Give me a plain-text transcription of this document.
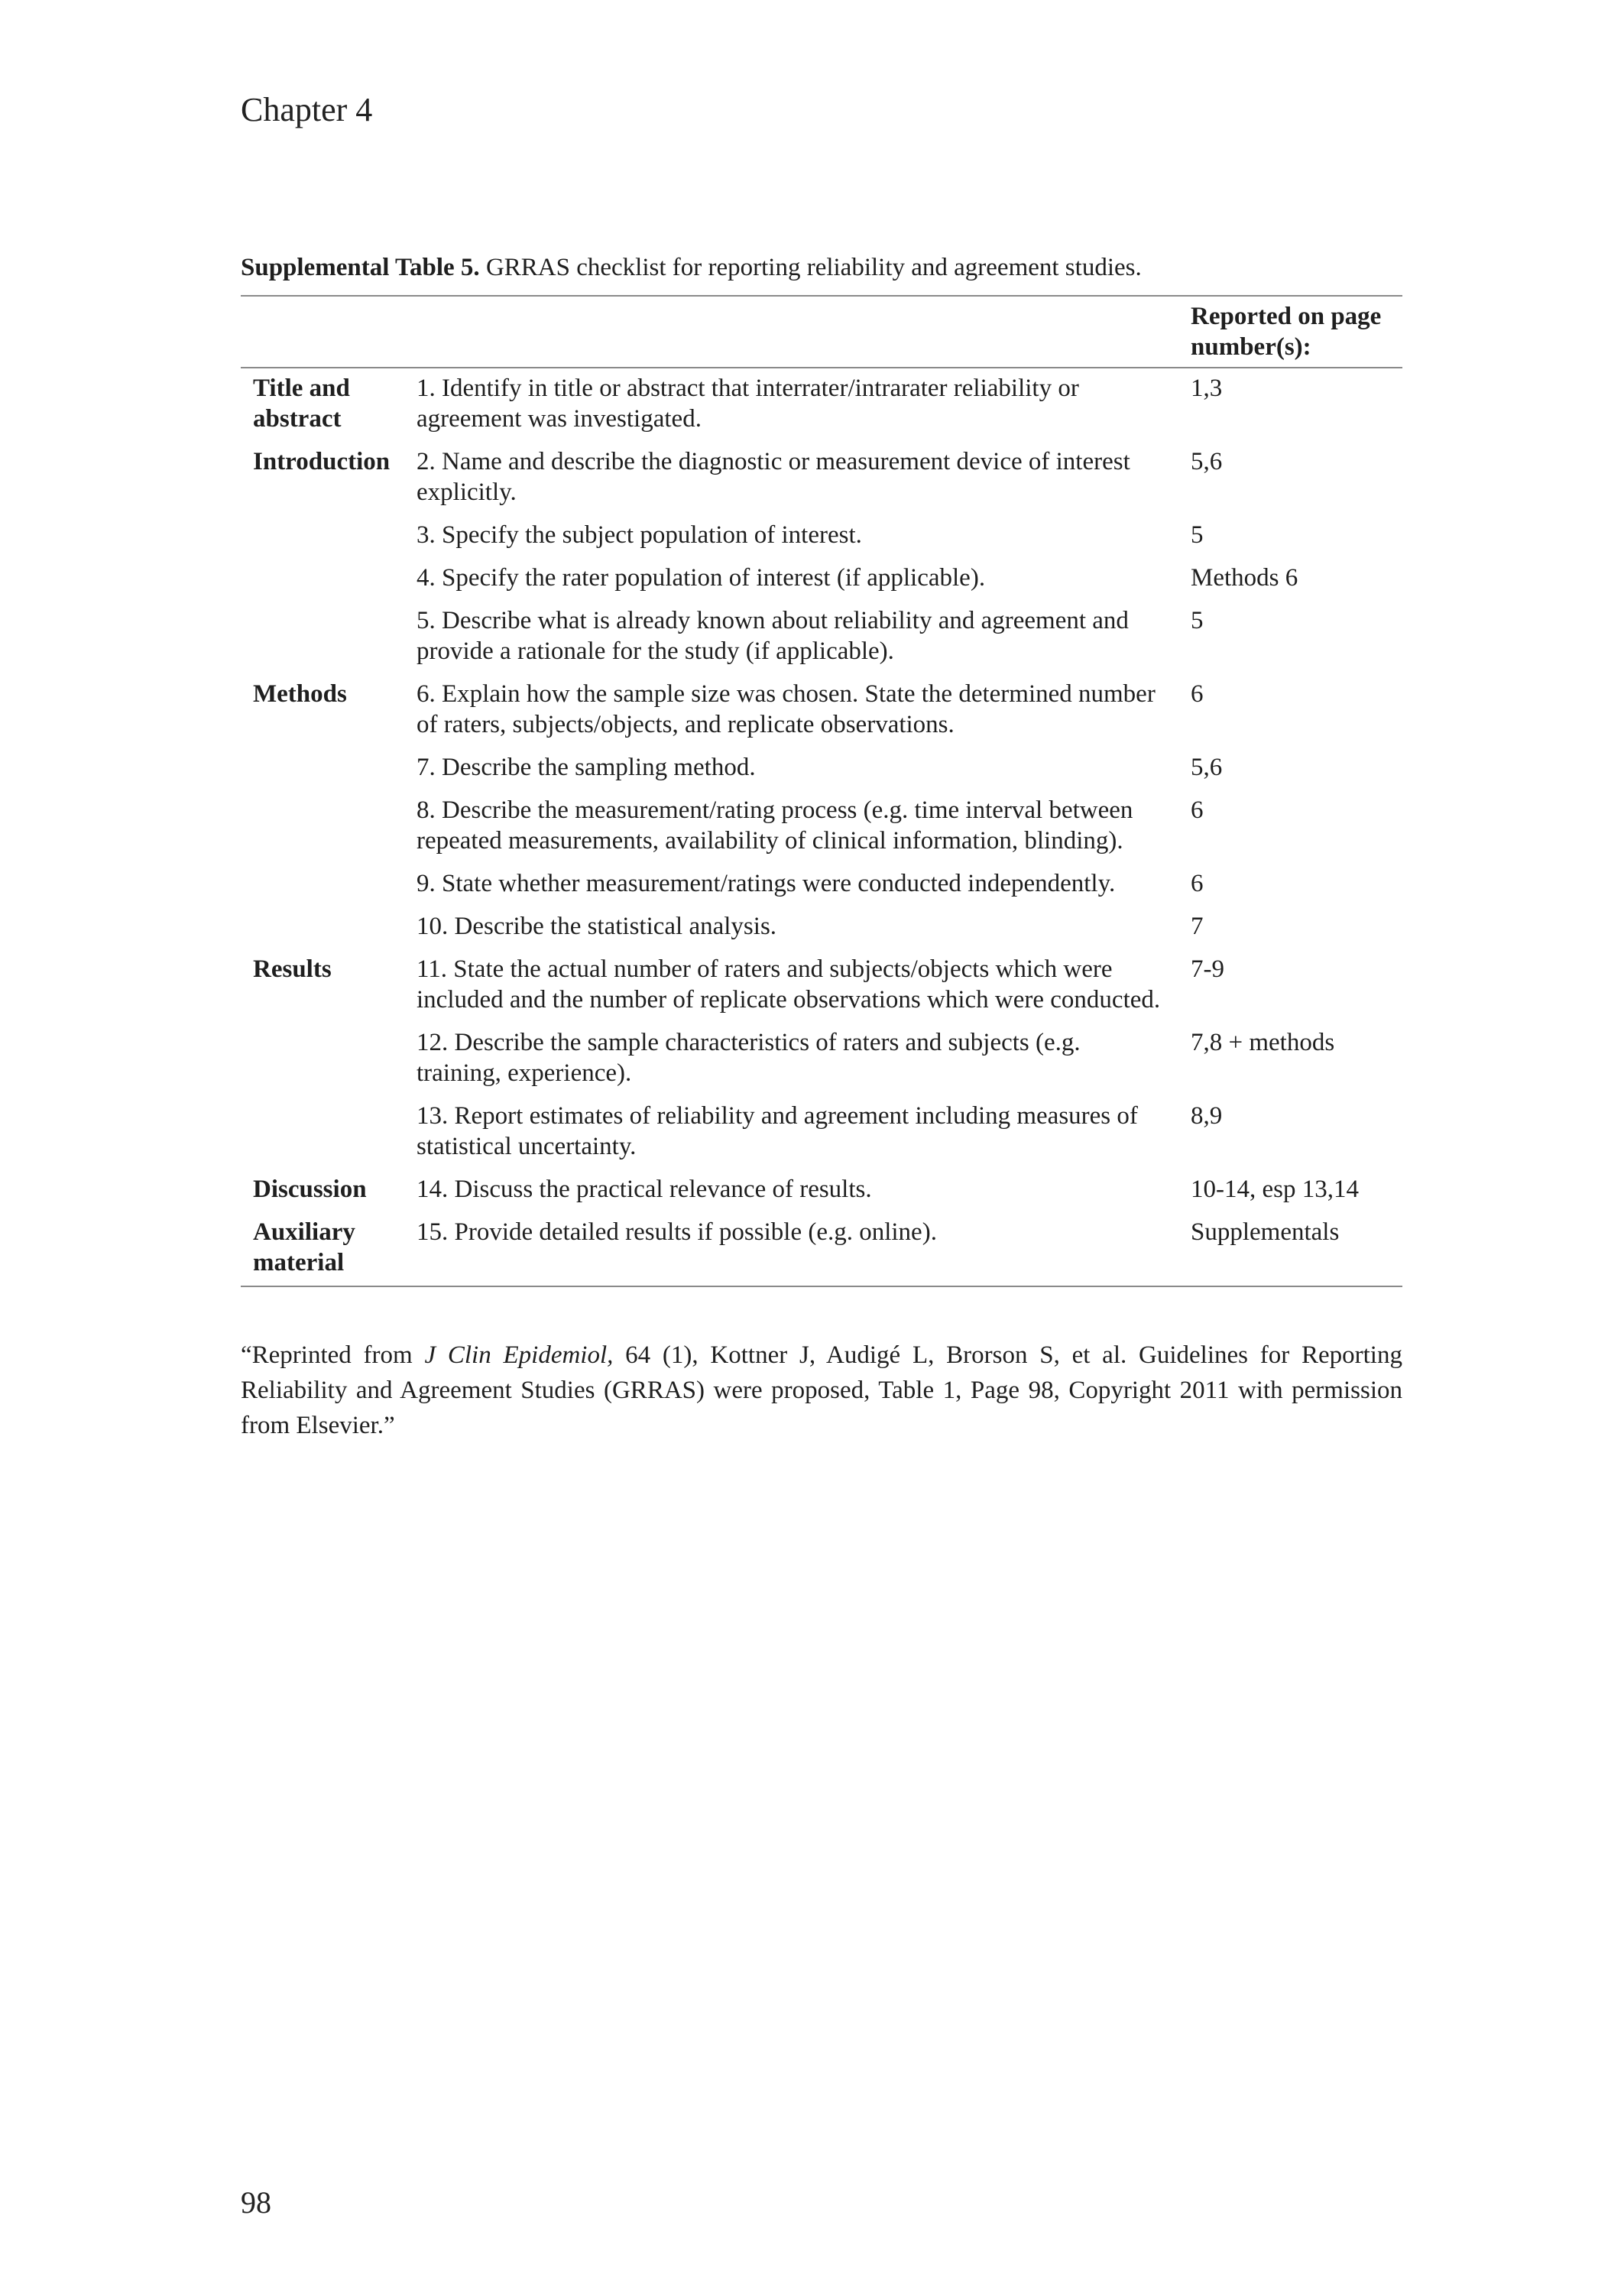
Chapter 4
Supplemental Table 5. GRRAS checklist for reporting reliability and agreement studies.
		Reported on page number(s):
Title and abstract	1. Identify in title or abstract that interrater/intrarater reliability or agreement was investigated.	1,3
Introduction	2. Name and describe the diagnostic or measurement device of interest explicitly.	5,6
	3. Specify the subject population of interest.	5
	4. Specify the rater population of interest (if applicable).	Methods 6
	5. Describe what is already known about reliability and agreement and provide a rationale for the study (if applicable).	5
Methods	6. Explain how the sample size was chosen. State the determined number of raters, subjects/objects, and replicate observations.	6
	7. Describe the sampling method.	5,6
	8. Describe the measurement/rating process (e.g. time interval between repeated measurements, availability of clinical information, blinding).	6
	9. State whether measurement/ratings were conducted independently.	6
	10. Describe the statistical analysis.	7
Results	11. State the actual number of raters and subjects/objects which were included and the number of replicate observations which were conducted.	7-9
	12. Describe the sample characteristics of raters and subjects (e.g. training, experience).	7,8 + methods
	13. Report estimates of reliability and agreement including measures of statistical uncertainty.	8,9
Discussion	14. Discuss the practical relevance of results.	10-14, esp 13,14
Auxiliary material	15. Provide detailed results if possible (e.g. online).	Supplementals
“Reprinted from J Clin Epidemiol, 64 (1), Kottner J, Audigé L, Brorson S, et al. Guidelines for Reporting Reliability and Agreement Studies (GRRAS) were proposed, Table 1, Page 98, Copyright 2011 with permission from Elsevier.”
98
